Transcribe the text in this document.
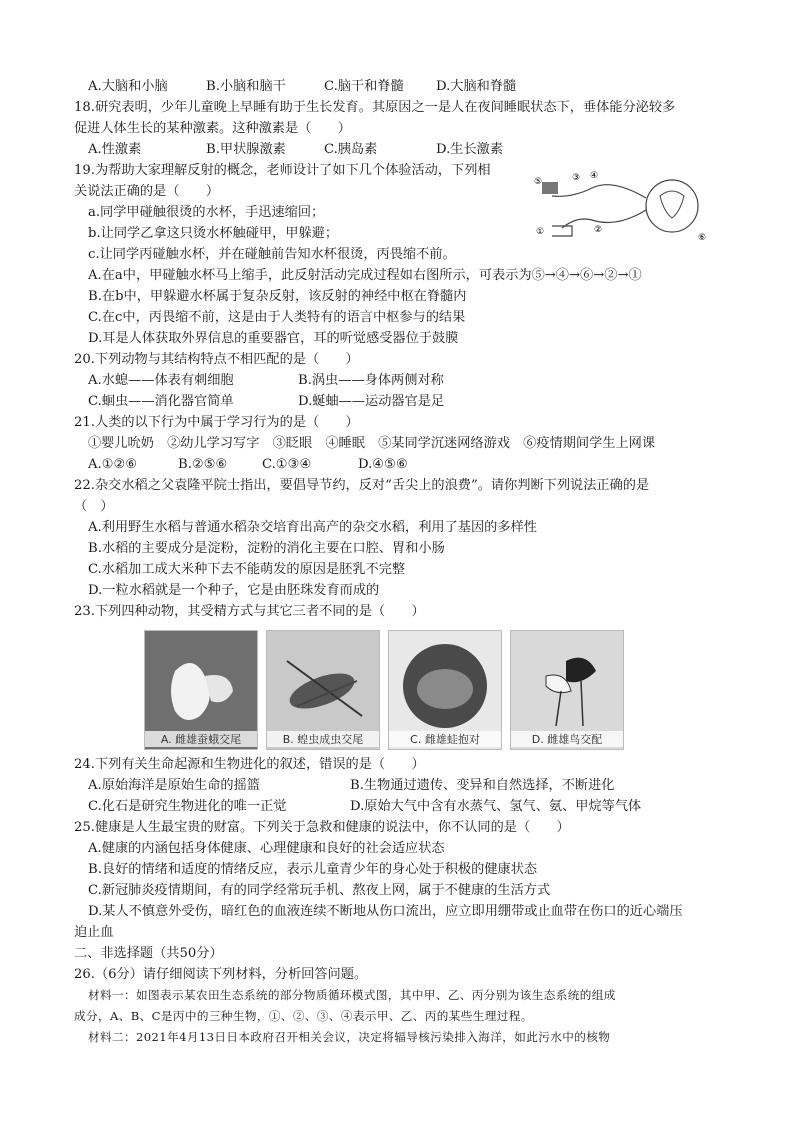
A.大脑和小脑	B.小脑和脑干	C.脑干和脊髓	D.大脑和脊髓
18.研究表明，少年儿童晚上早睡有助于生长发育。其原因之一是人在夜间睡眠状态下，垂体能分泌较多
促进人体生长的某种激素。这种激素是（　　）
A.性激素	B.甲状腺激素	C.胰岛素	D.生长激素
19.为帮助大家理解反射的概念，老师设计了如下几个体验活动，下列相
关说法正确的是（　　）
a.同学甲碰触很烫的水杯，手迅速缩回；
b.让同学乙拿这只烫水杯触碰甲，甲躲避；
c.让同学丙碰触水杯，并在碰触前告知水杯很烫，丙畏缩不前。
A.在a中，甲碰触水杯马上缩手，此反射活动完成过程如右图所示，可表示为⑤→④→⑥→②→①
B.在b中，甲躲避水杯属于复杂反射，该反射的神经中枢在脊髓内
C.在c中，丙畏缩不前，这是由于人类特有的语言中枢参与的结果
D.耳是人体获取外界信息的重要器官，耳的听觉感受器位于鼓膜
20.下列动物与其结构特点不相匹配的是（　　）
A.水螅——体表有刺细胞	B.涡虫——身体两侧对称
C.蛔虫——消化器官简单	D.蜒蚰——运动器官是足
21.人类的以下行为中属于学习行为的是（　　）
①婴儿吮奶　②幼儿学习写字　③眨眼　④睡眠　⑤某同学沉迷网络游戏　⑥疫情期间学生上网课
A.①②⑥	B.②⑤⑥	C.①③④	D.④⑤⑥
22.杂交水稻之父袁隆平院士指出，要倡导节约，反对“舌尖上的浪费”。请你判断下列说法正确的是
（　）
A.利用野生水稻与普通水稻杂交培育出高产的杂交水稻，利用了基因的多样性
B.水稻的主要成分是淀粉，淀粉的消化主要在口腔、胃和小肠
C.水稻加工成大米种下去不能萌发的原因是胚乳不完整
D.一粒水稻就是一个种子，它是由胚珠发育而成的
23.下列四种动物，其受精方式与其它三者不同的是（　　）
A. 雌雄蚕蛾交尾	B. 蝗虫成虫交尾	C. 雌雄蛙抱对	D. 雌雄鸟交配
24.下列有关生命起源和生物进化的叙述，错误的是（　　）
A.原始海洋是原始生命的摇篮	B.生物通过遗传、变异和自然选择，不断进化
C.化石是研究生物进化的唯一正觉	D.原始大气中含有水蒸气、氢气、氨、甲烷等气体
25.健康是人生最宝贵的财富。下列关于急救和健康的说法中，你不认同的是（　　）
A.健康的内涵包括身体健康、心理健康和良好的社会适应状态
B.良好的情绪和适度的情绪反应，表示儿童青少年的身心处于积极的健康状态
C.新冠肺炎疫情期间，有的同学经常玩手机、熬夜上网，属于不健康的生活方式
D.某人不慎意外受伤，暗红色的血液连续不断地从伤口流出，应立即用绷带或止血带在伤口的近心端压
迫止血
二、非选择题（共50分）
26.（6分）请仔细阅读下列材料，分析回答问题。
材料一：如图表示某农田生态系统的部分物质循环模式图，其中甲、乙、丙分别为该生态系统的组成
成分，A、B、C是丙中的三种生物，①、②、③、④表示甲、乙、丙的某些生理过程。
材料二：2021年4月13日日本政府召开相关会议，决定将辐导核污染排入海洋，如此污水中的核物
①	②
③ ④
⑤
⑥
